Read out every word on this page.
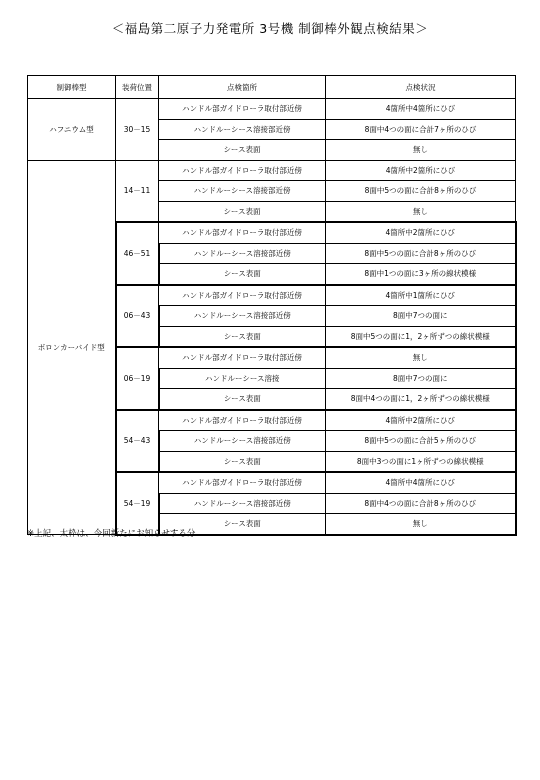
＜福島第二原子力発電所 3号機 制御棒外観点検結果＞
制御棒型	装荷位置	点検箇所	点検状況
ハフニウム型	30－15	ハンドル部ガイドローラ取付部近傍	4箇所中4箇所にひび
		ハンドルーシース溶接部近傍	8面中4つの面に合計7ヶ所のひび
		シース表面	無し
ボロンカーバイド型	14－11	ハンドル部ガイドローラ取付部近傍	4箇所中2箇所にひび
		ハンドルーシース溶接部近傍	8面中5つの面に合計8ヶ所のひび
		シース表面	無し
	46－51	ハンドル部ガイドローラ取付部近傍	4箇所中2箇所にひび
		ハンドルーシース溶接部近傍	8面中5つの面に合計8ヶ所のひび
		シース表面	8面中1つの面に3ヶ所の線状模様
	06－43	ハンドル部ガイドローラ取付部近傍	4箇所中1箇所にひび
		ハンドルーシース溶接部近傍	8面中7つの面に
		シース表面	8面中5つの面に1，2ヶ所ずつの線状模様
	06－19	ハンドル部ガイドローラ取付部近傍	無し
		ハンドルーシース溶接	8面中7つの面に
		シース表面	8面中4つの面に1，2ヶ所ずつの線状模様
	54－43	ハンドル部ガイドローラ取付部近傍	4箇所中2箇所にひび
		ハンドルーシース溶接部近傍	8面中5つの面に合計5ヶ所のひび
		シース表面	8面中3つの面に1ヶ所ずつの線状模様
	54－19	ハンドル部ガイドローラ取付部近傍	4箇所中4箇所にひび
		ハンドルーシース溶接部近傍	8面中4つの面に合計8ヶ所のひび
		シース表面	無し
※上記、太枠は、今回新たにお知らせする分
